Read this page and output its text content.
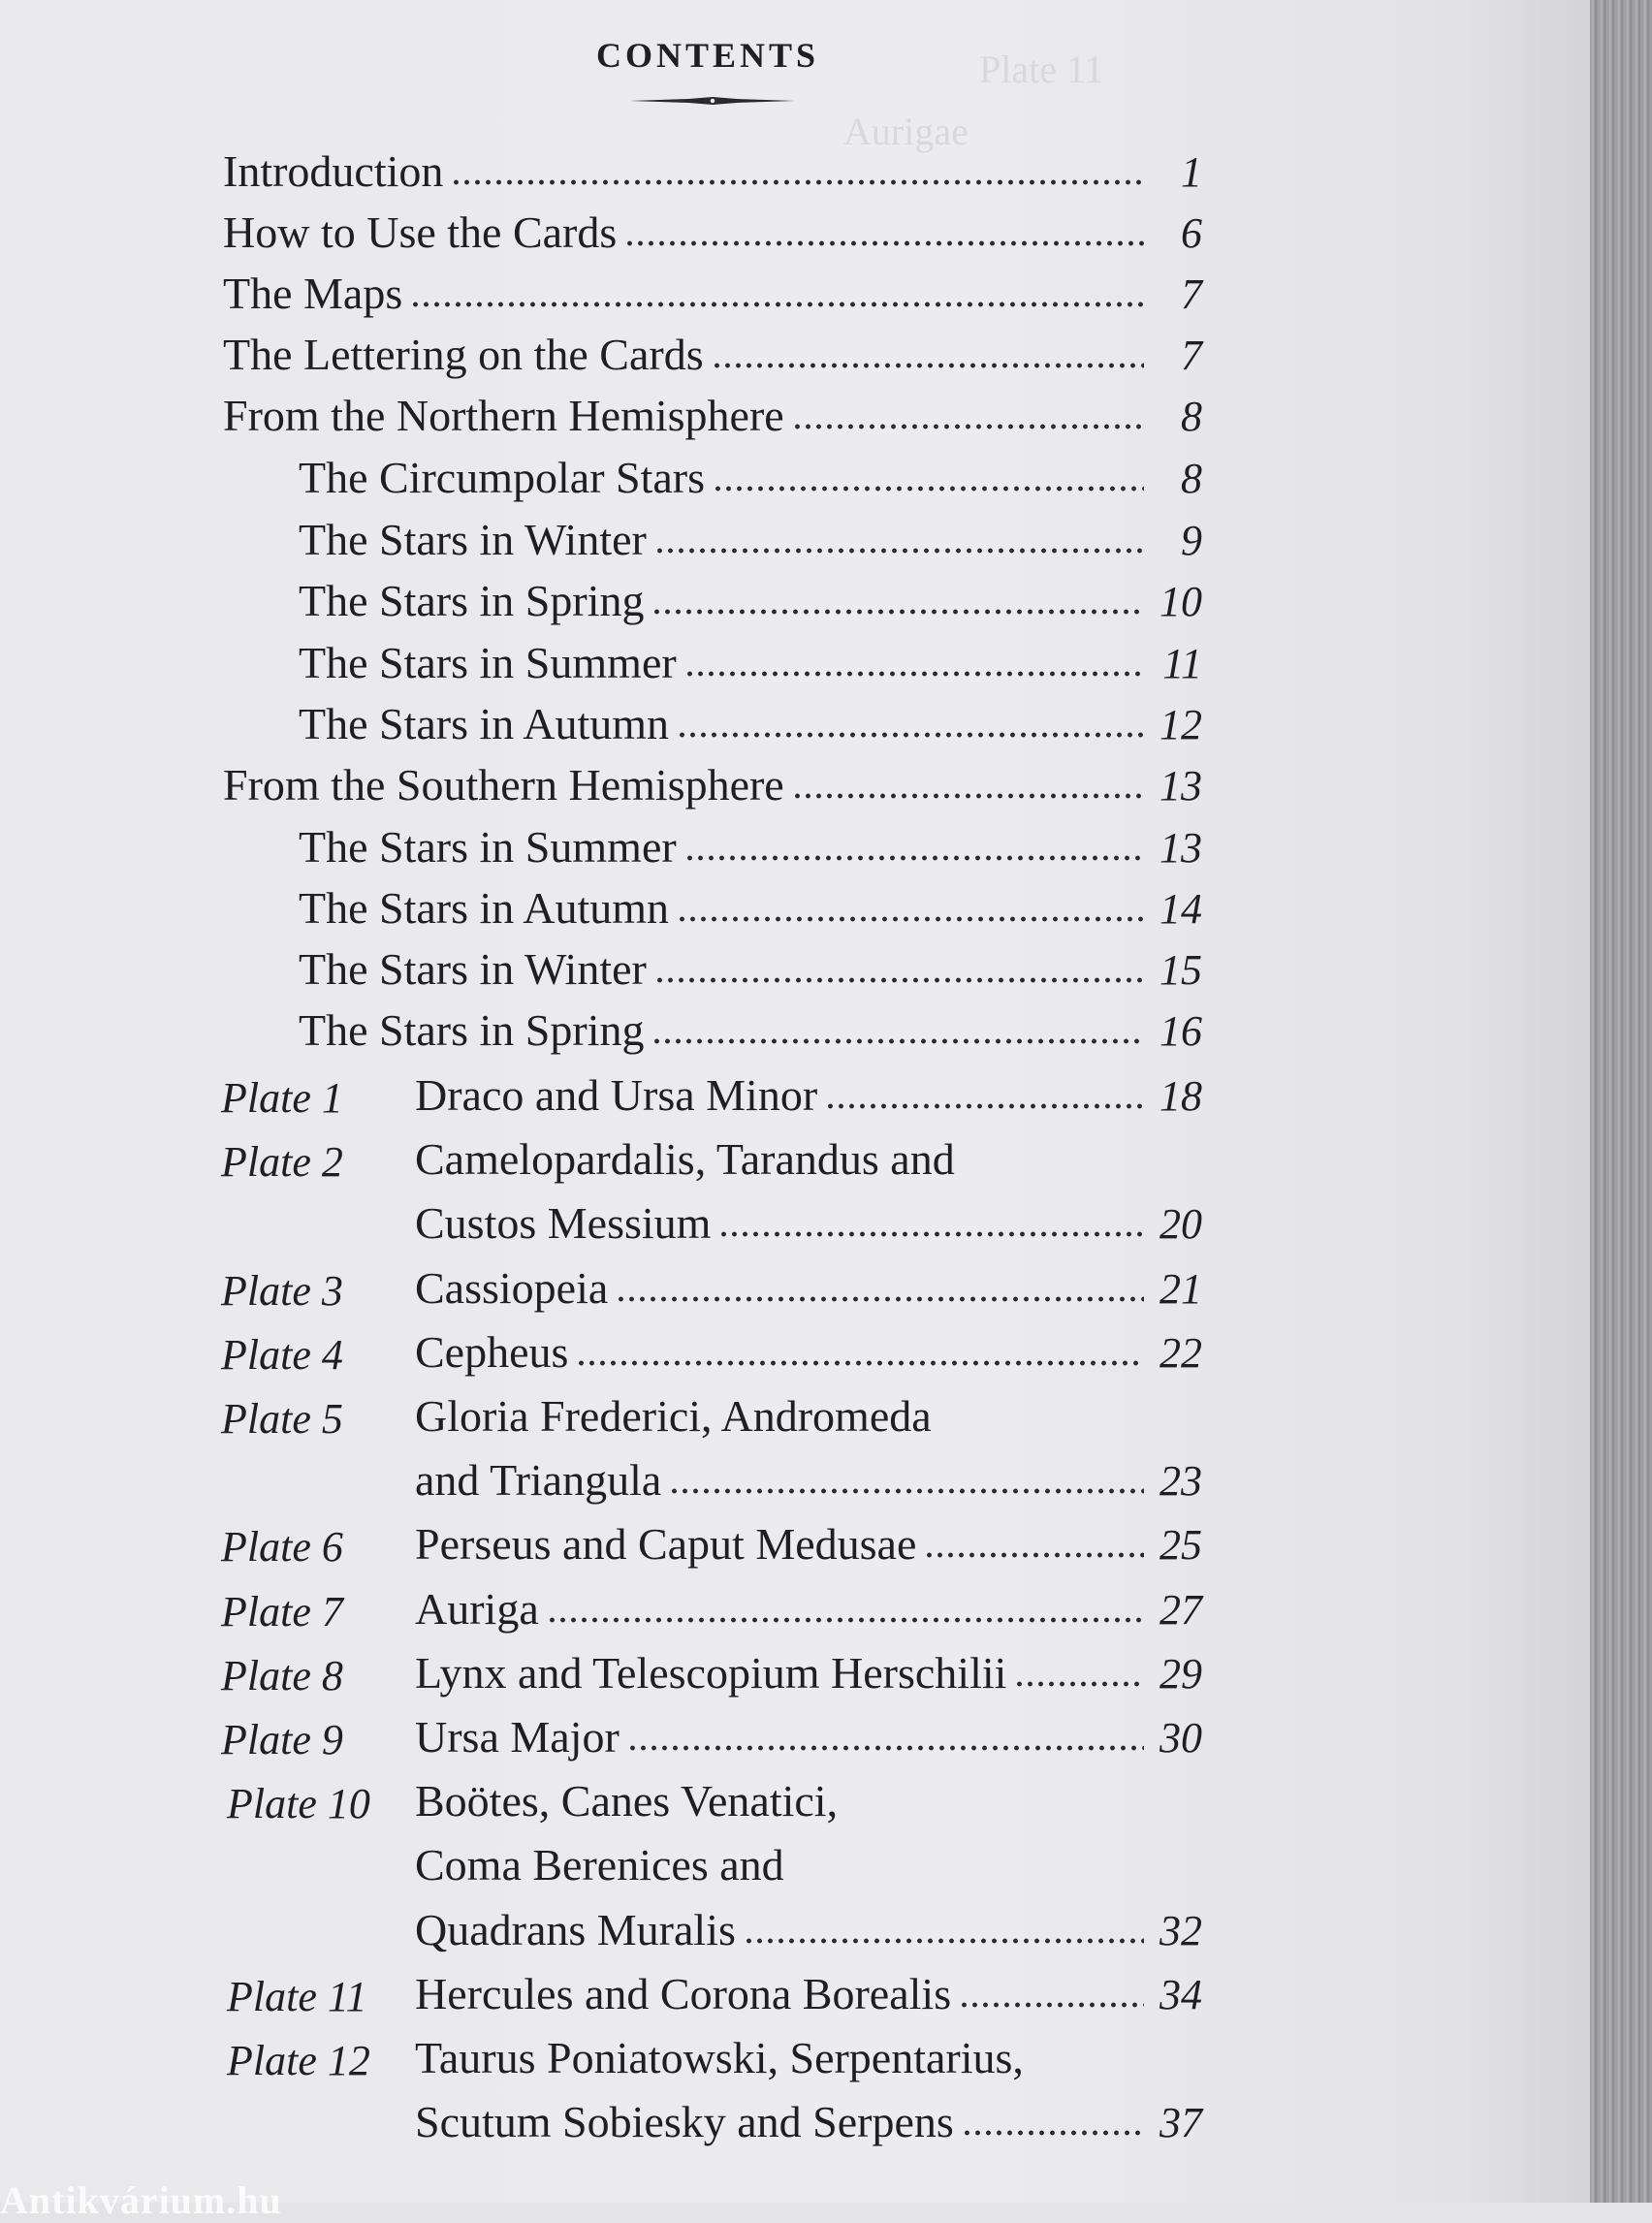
Plate 11
Aurigae
CONTENTS
Introduction	1
How to Use the Cards	6
The Maps	7
The Lettering on the Cards	7
From the Northern Hemisphere	8
The Circumpolar Stars	8
The Stars in Winter	9
The Stars in Spring	10
The Stars in Summer	11
The Stars in Autumn	12
From the Southern Hemisphere	13
The Stars in Summer	13
The Stars in Autumn	14
The Stars in Winter	15
The Stars in Spring	16
Plate 1 Draco and Ursa Minor	18
Plate 2 Camelopardalis, Tarandus and
Custos Messium	20
Plate 3 Cassiopeia	21
Plate 4 Cepheus	22
Plate 5 Gloria Frederici, Andromeda
and Triangula	23
Plate 6 Perseus and Caput Medusae	25
Plate 7 Auriga	27
Plate 8 Lynx and Telescopium Herschilii	29
Plate 9 Ursa Major	30
Plate 10 Boötes, Canes Venatici,
Coma Berenices and
Quadrans Muralis	32
Plate 11 Hercules and Corona Borealis	34
Plate 12 Taurus Poniatowski, Serpentarius,
Scutum Sobiesky and Serpens	37
Antikvárium.hu
